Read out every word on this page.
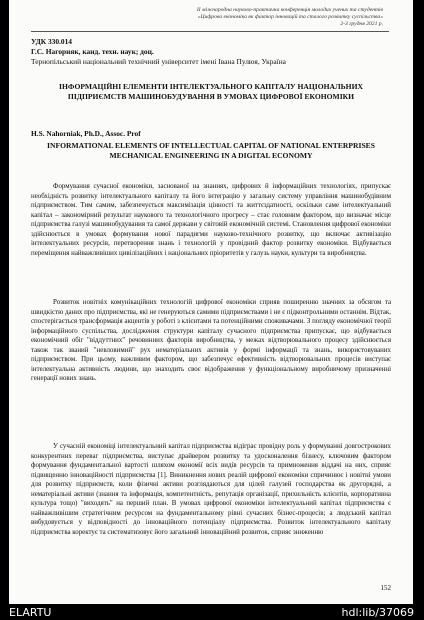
ІІ міжнародна науково-практична конференція молодих учених та студентів
«Цифрова економіка як фактор інновацій та сталого розвитку суспільства»
2-3 грудня 2021 р.
УДК 330.014
Г.С. Нагорняк, канд. техн. наук; доц.
Тернопільський національний технічний університет імені Івана Пулюя, Україна
ІНФОРМАЦІЙНІ ЕЛЕМЕНТИ ІНТЕЛЕКТУАЛЬНОГО КАПІТАЛУ НАЦІОНАЛЬНИХ ПІДПРИЄМСТВ МАШИНОБУДУВАННЯ В УМОВАХ ЦИФРОВОЇ ЕКОНОМІКИ
H.S. Nahorniak, Ph.D., Assoc. Prof
INFORMATIONAL ELEMENTS OF INTELLECTUAL CAPITAL OF NATIONAL ENTERPRISES MECHANICAL ENGINEERING IN A DIGITAL ECONOMY

Формування сучасної економіки, заснованої на знаннях, цифрових й інформаційних технологіях, припускає необхідність розвитку інтелектуального капіталу та його інтеграцію у загальну систему управління машинобудівним підприємством. Тим самим, забезпечується максимізація цінності та життєздатності, оскільки саме інтелектуальний капітал – закономірний результат наукового та технологічного прогресу – стає головним фактором, що визначає місце підприємства галузі машинобудування та самої держави у світовій економічній системі. Становлення цифрової економіки здійснюється в умовах формування нової парадигми науково-технічного розвитку, що включає активізацію інтелектуальних ресурсів, перетворення знань і технологій у провідний фактор розвитку економіки. Відбувається переміщення найважливіших цивілізаційних і національних пріоритетів у галузь науки, культури та виробництва.

Розвиток новітніх комунікаційних технологій цифрової економіки сприяв поширенню значних за обсягом та швидкістю даних про підприємства, які не генеруються самими підприємствами і не є підконтрольними останнім. Відтак, спостерігається трансформація акцентів у роботі з клієнтами та потенційними споживачами. З погляду економічної теорії інформаційного суспільства, дослідження структури капіталу сучасного підприємства припускає, що відбувається економічний обіг "віддуттних" речовинних факторів виробництва, у межах відтворювального процесу здійснюється також так званий "невловимий" рух нематеріальних активів у формі інформації та знань, використовуваних підприємством. При цьому, важливим фактором, що забезпечує ефективність відтворювальних процесів виступає інтелектуальна активність людини, що знаходить своє відображення у функціональному виробничому призначенні генерації нових знань.

У сучасній економіці інтелектуальний капітал підприємства відіграє провідну роль у формуванні довгострокових конкурентних переваг підприємства, виступає драйвером розвитку та удосконалення бізнесу, ключовим фактором формування фундаментальної вартості шляхом економії всіх видів ресурсів та примноження віддачі на них, сприяє підвищенню інноваційності підприємства [1]. Виникнення нових реалій цифрової економіки спричинює і новітні умови для розвитку підприємств, коли фізичні активи розглядаються для цілей галузей господарства як другорядні, а нематеріальні активи (знання та інформація, компетентність, репутація організації, прихильність клієнтів, корпоративна культура тощо) "виходять" на перший план. В умовах цифрової економіки інтелектуальний капітал підприємства є найважливішим стратегічним ресурсом на фундаментальному рівні сучасних бізнес-процесів; а людський капітал вибудовується у відповідності до інноваційного потенціалу підприємства. Розвиток інтелектуального капіталу підприємства коректує та систематизовує його загальний інноваційний розвиток, сприяє зниженню

152
ELARTU	hdl:lib/37069
